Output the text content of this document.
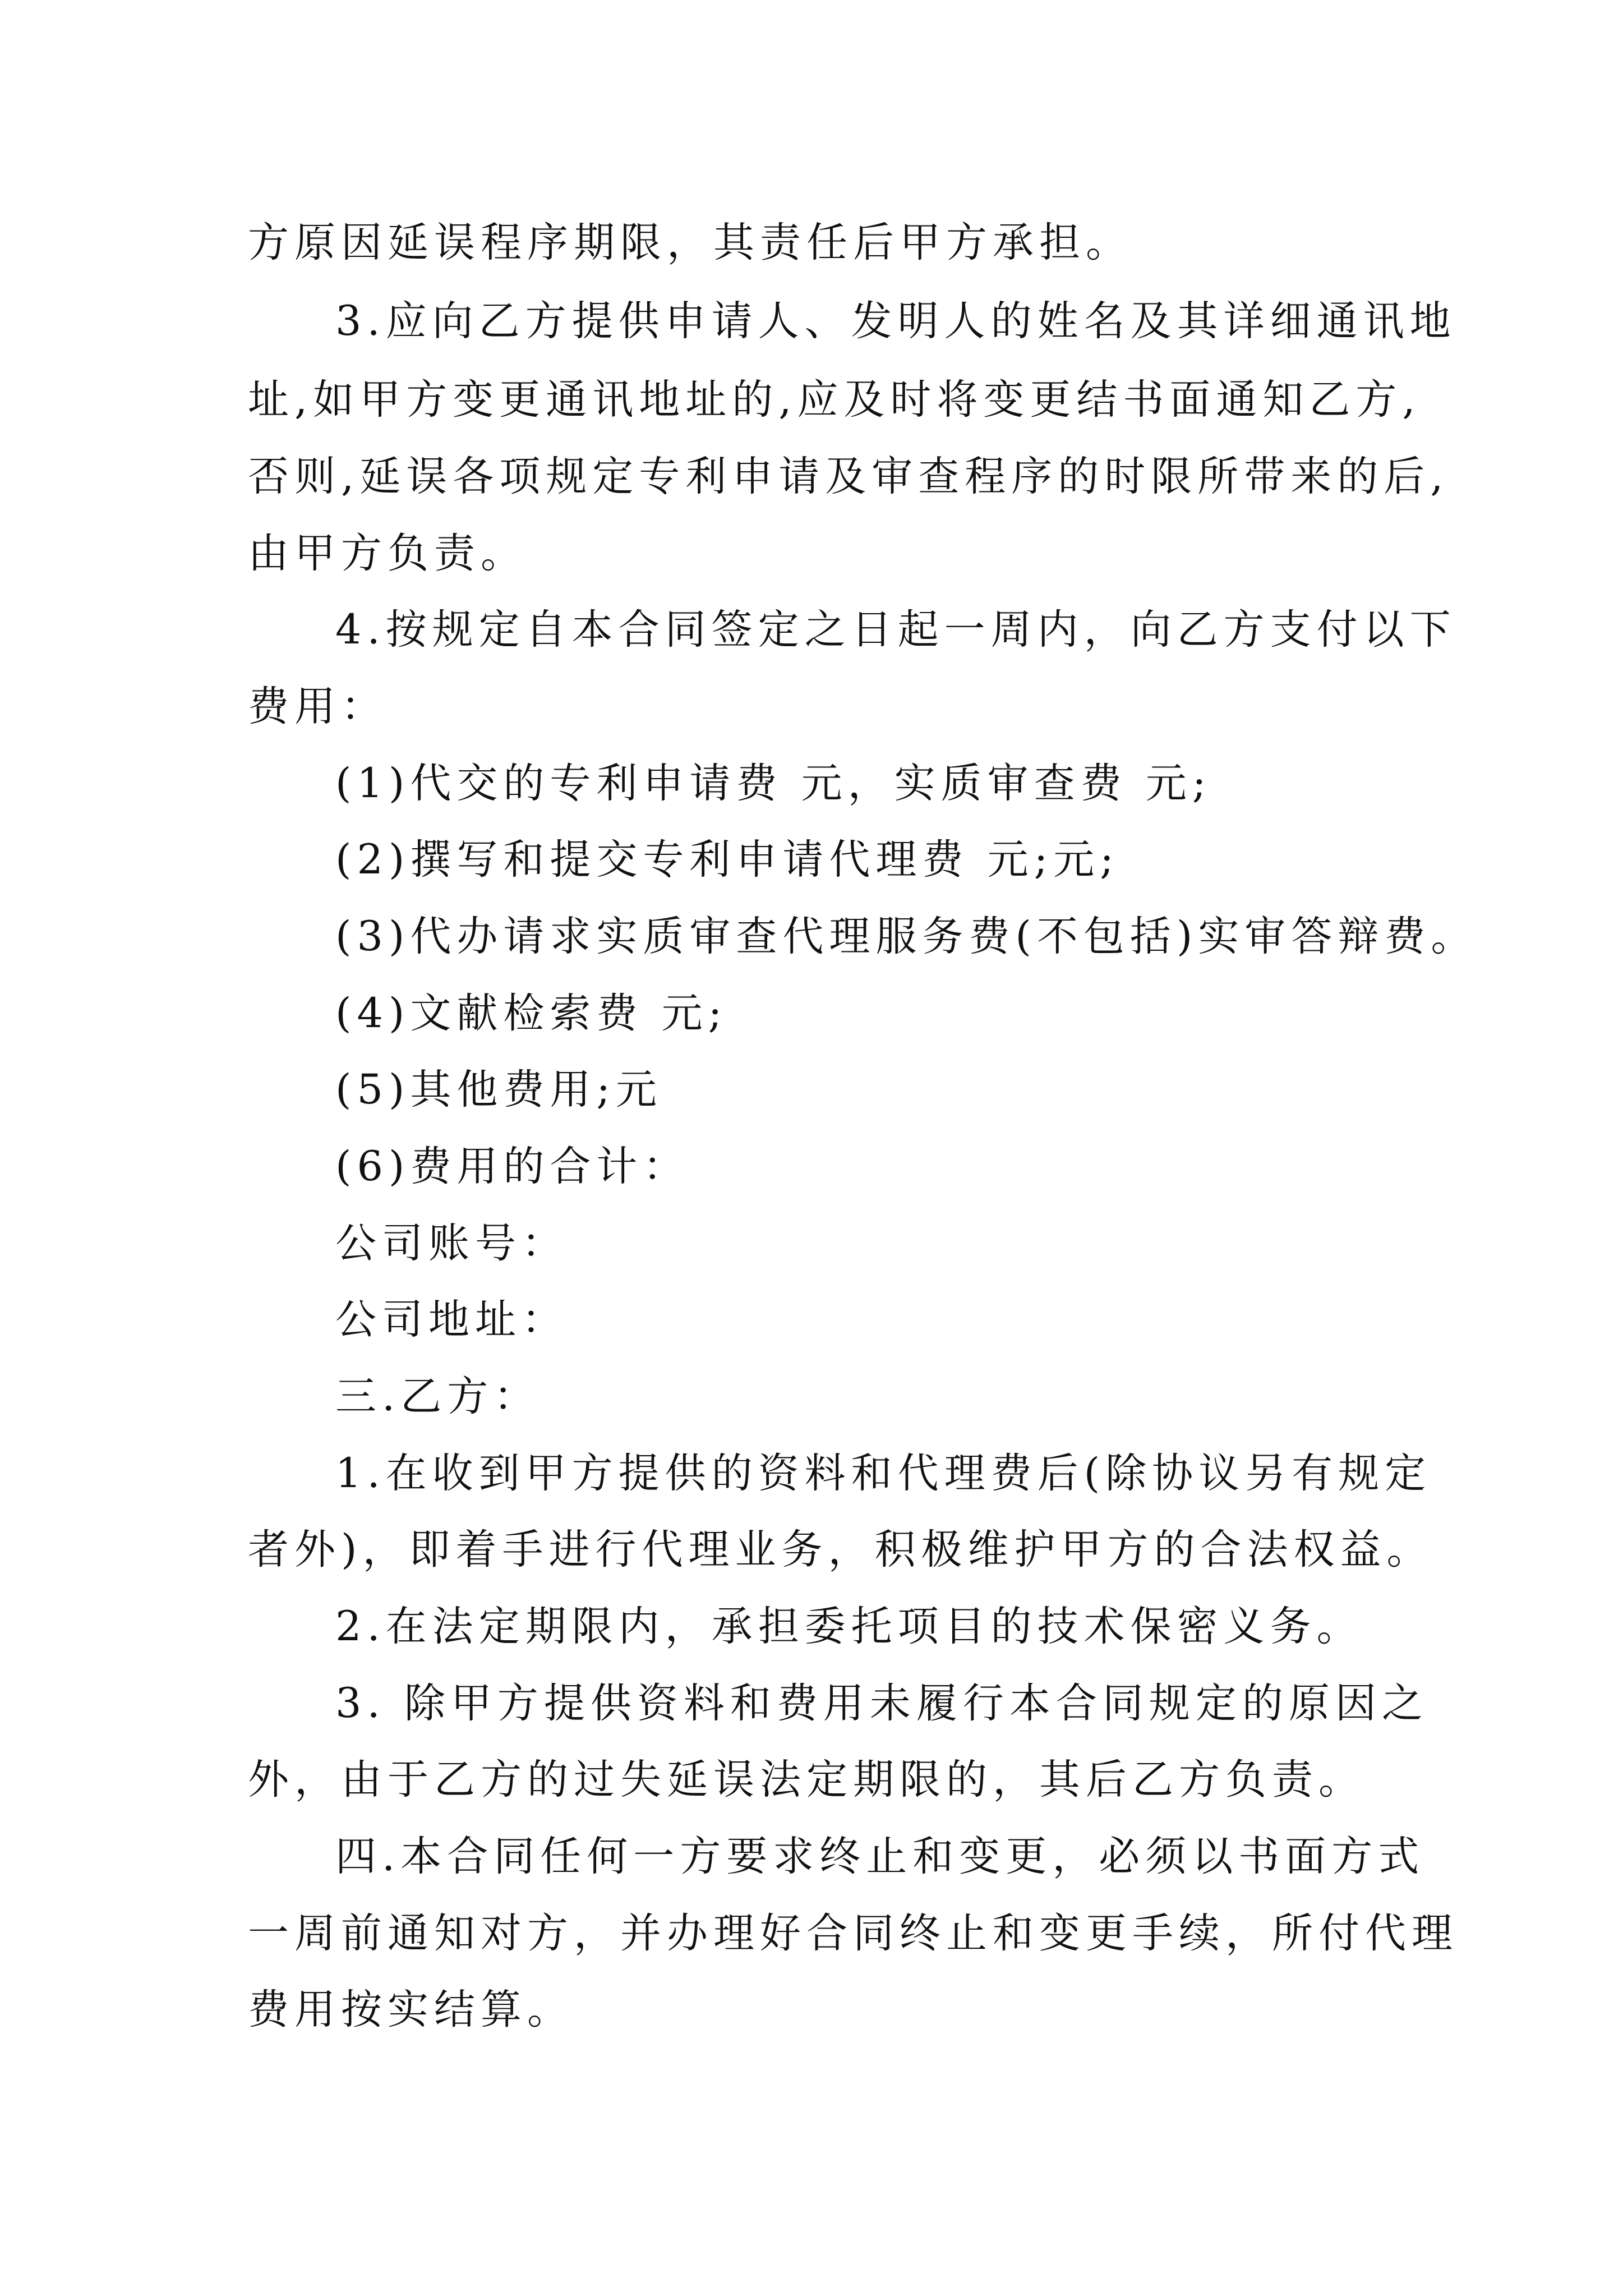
方原因延误程序期限，其责任后甲方承担。
3.应向乙方提供申请人、发明人的姓名及其详细通讯地
址,如甲方变更通讯地址的,应及时将变更结书面通知乙方,
否则,延误各项规定专利申请及审查程序的时限所带来的后,
由甲方负责。
4.按规定自本合同签定之日起一周内，向乙方支付以下
费用：
(1)代交的专利申请费 元，实质审查费 元;
(2)撰写和提交专利申请代理费 元;元;
(3)代办请求实质审查代理服务费(不包括)实审答辩费。
(4)文献检索费 元;
(5)其他费用;元
(6)费用的合计：
公司账号：
公司地址：
三.乙方：
1.在收到甲方提供的资料和代理费后(除协议另有规定
者外)，即着手进行代理业务，积极维护甲方的合法权益。
2.在法定期限内，承担委托项目的技术保密义务。
3. 除甲方提供资料和费用未履行本合同规定的原因之
外，由于乙方的过失延误法定期限的，其后乙方负责。
四.本合同任何一方要求终止和变更，必须以书面方式
一周前通知对方，并办理好合同终止和变更手续，所付代理
费用按实结算。
